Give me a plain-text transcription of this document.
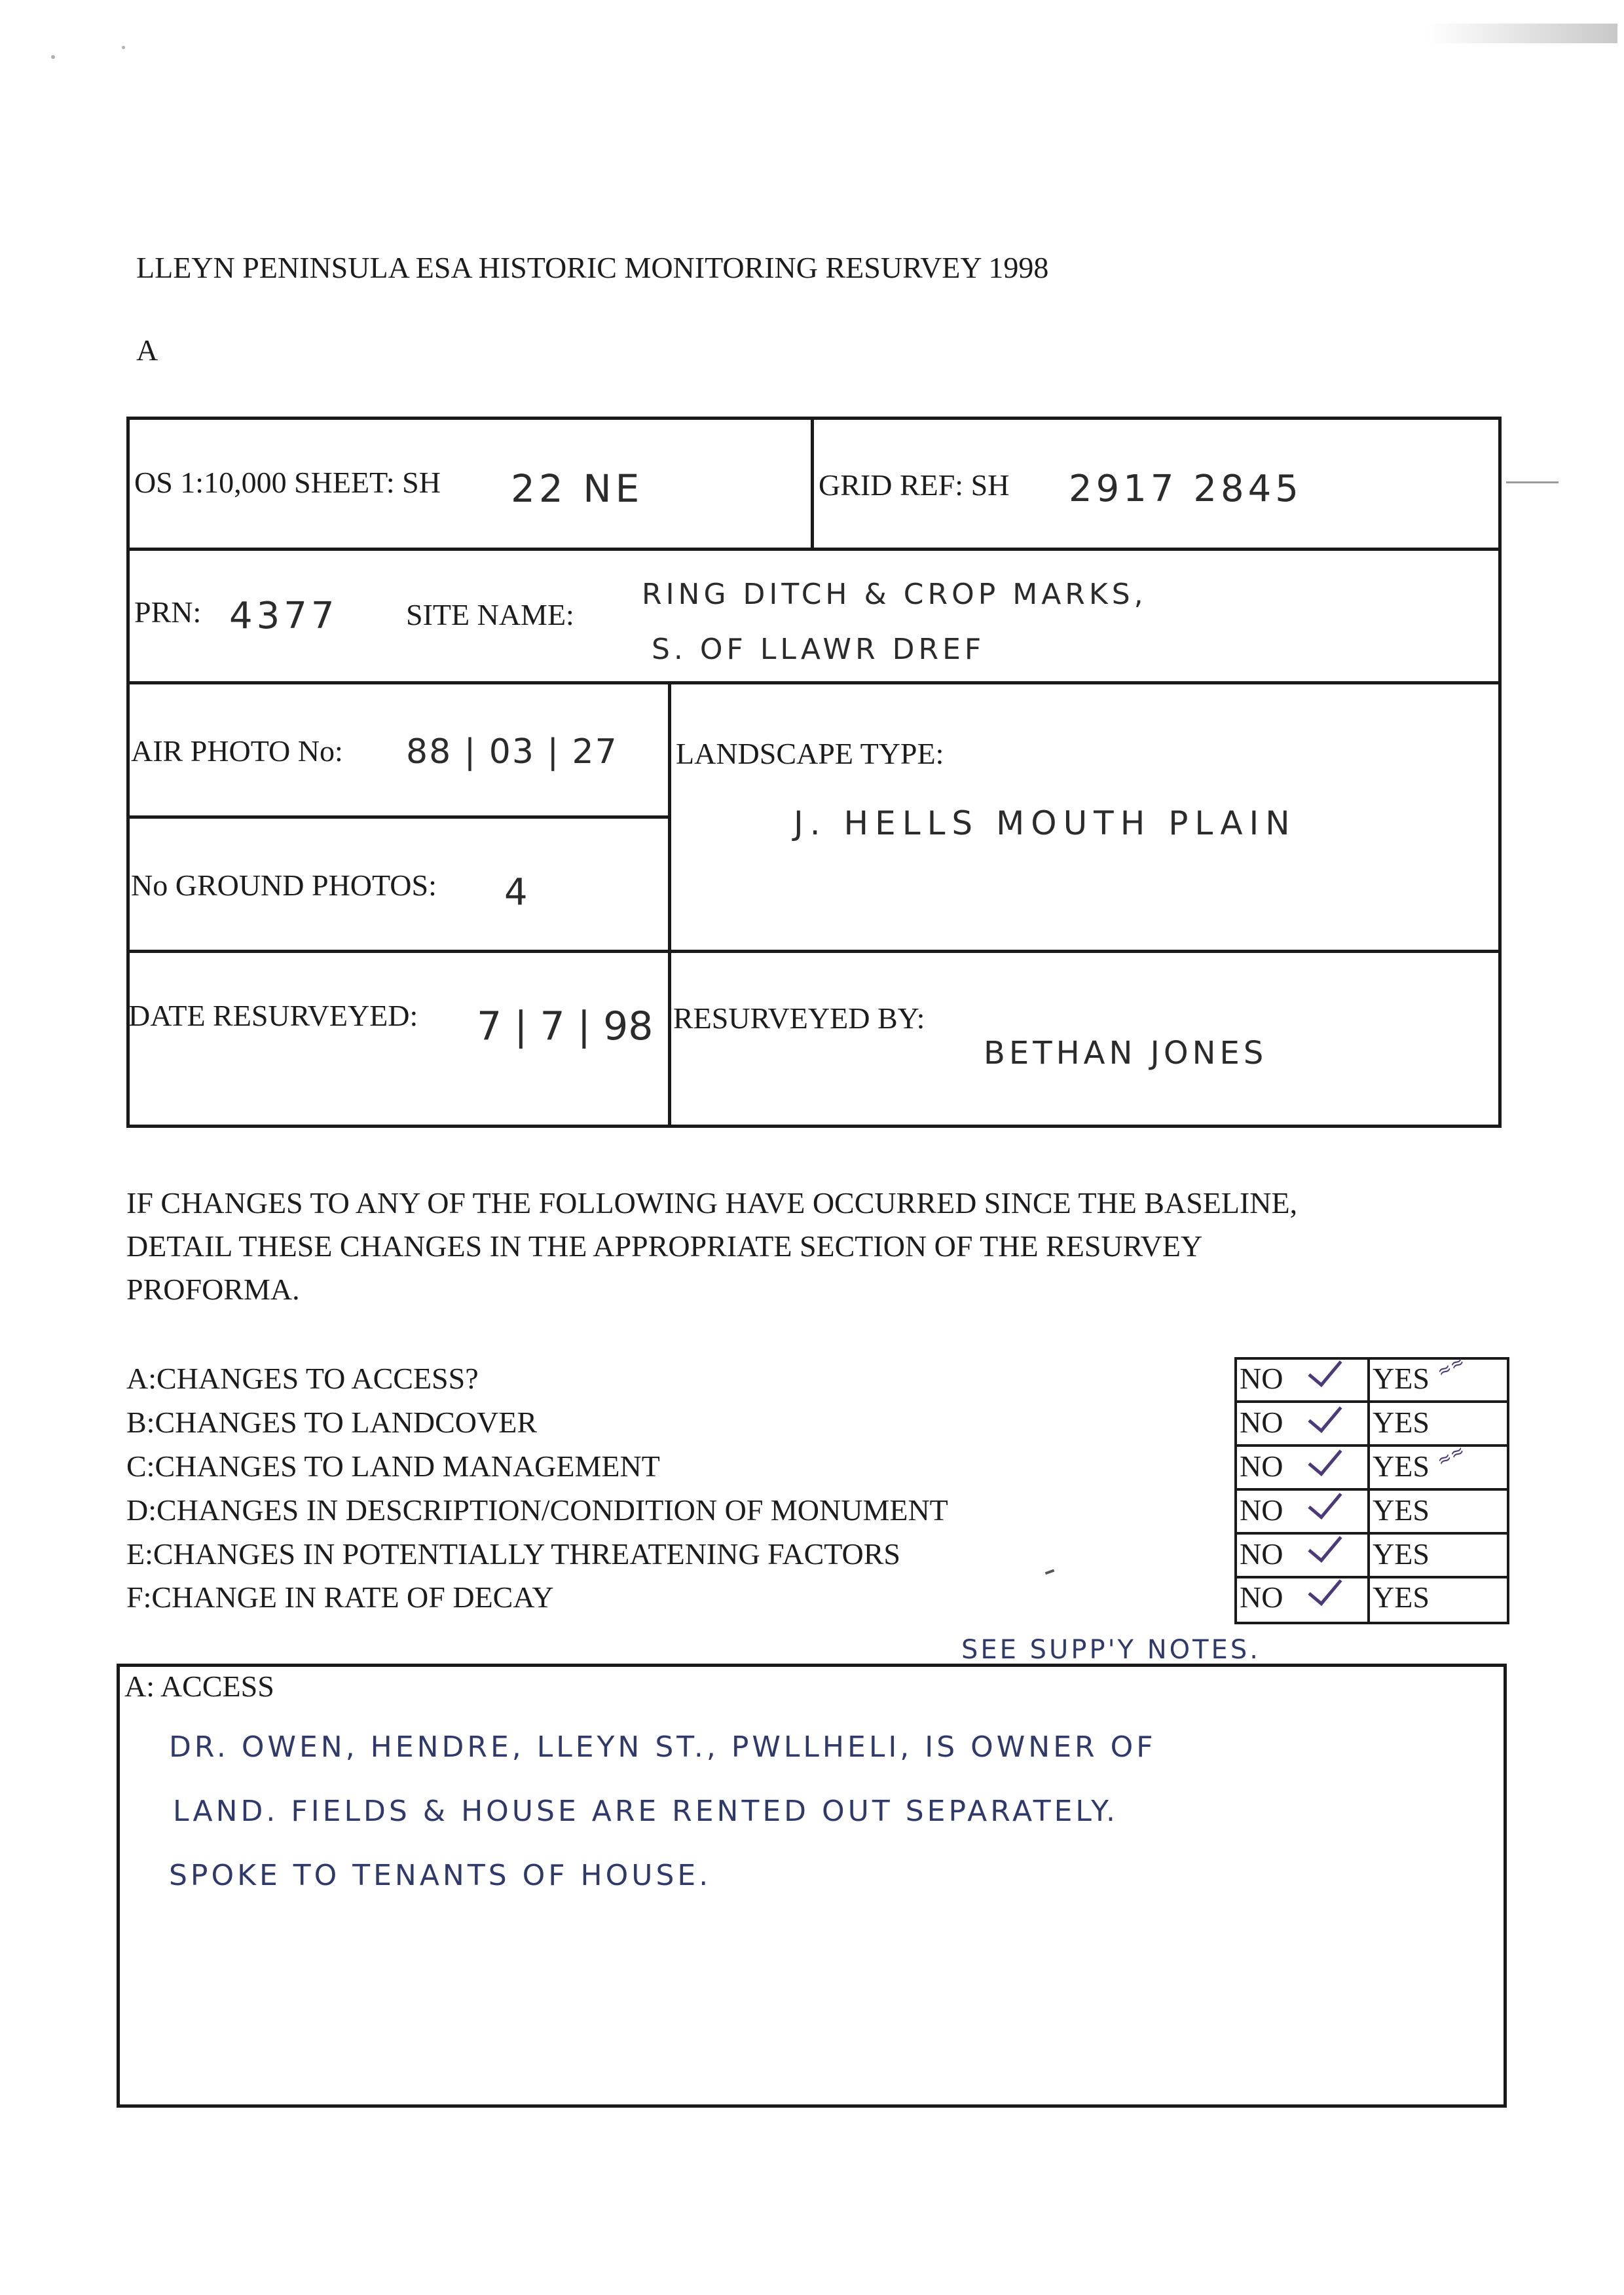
LLEYN PENINSULA ESA HISTORIC MONITORING RESURVEY 1998
A
OS 1:10,000 SHEET: SH 22 NE	GRID REF: SH 2917 2845
PRN: 4377 SITE NAME:
RING DITCH & CROP MARKS,
S. OF LLAWR DREF
AIR PHOTO No: 88 | 03 | 27 LANDSCAPE TYPE:
J. HELLS MOUTH PLAIN
No GROUND PHOTOS: 4
DATE RESURVEYED: 7 | 7 | 98 RESURVEYED BY:
BETHAN JONES
IF CHANGES TO ANY OF THE FOLLOWING HAVE OCCURRED SINCE THE BASELINE,
DETAIL THESE CHANGES IN THE APPROPRIATE SECTION OF THE RESURVEY
PROFORMA.
A:CHANGES TO ACCESS?
B:CHANGES TO LANDCOVER
C:CHANGES TO LAND MANAGEMENT
D:CHANGES IN DESCRIPTION/CONDITION OF MONUMENT
E:CHANGES IN POTENTIALLY THREATENING FACTORS
F:CHANGE IN RATE OF DECAY
NO	YES ≈≈
NO	YES
NO	YES ≈≈
NO	YES
NO	YES
NO	YES
SEE SUPP'Y NOTES.
A: ACCESS
DR. OWEN, HENDRE, LLEYN ST., PWLLHELI, IS OWNER OF
LAND. FIELDS & HOUSE ARE RENTED OUT SEPARATELY.
SPOKE TO TENANTS OF HOUSE.
